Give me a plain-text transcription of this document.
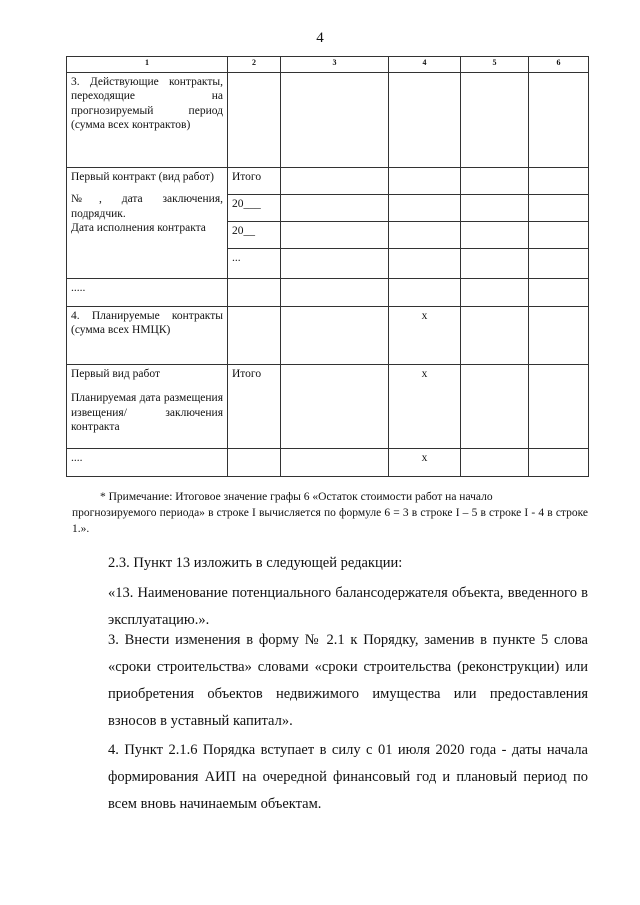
4
1	2	3	4	5	6
3. Действующие контракты, переходящие на прогнозируемый период (сумма всех контрактов)					

Первый контракт (вид работ)
№, дата заключения, подрядчик.
Дата исполнения контракта	Итого				
	20___				
	20__				
	...				
.....					
4. Планируемые контракты (сумма всех НМЦК)			x		

Первый вид работ
Планируемая дата размещения извещения/ заключения контракта	Итого		x		
....			x		
* Примечание: Итоговое значение графы 6 «Остаток стоимости работ на начало
прогнозируемого периода» в строке I вычисляется по формуле 6 = 3 в строке I – 5 в строке I - 4 в строке 1.».
2.3. Пункт 13 изложить в следующей редакции:
«13. Наименование потенциального балансодержателя объекта, введенного в эксплуатацию.».
3. Внести изменения в форму № 2.1 к Порядку, заменив в пункте 5 слова «сроки строительства» словами «сроки строительства (реконструкции) или приобретения объектов недвижимого имущества или предоставления взносов в уставный капитал».
4. Пункт 2.1.6 Порядка вступает в силу с 01 июля 2020 года - даты начала формирования АИП на очередной финансовый год и плановый период по всем вновь начинаемым объектам.
